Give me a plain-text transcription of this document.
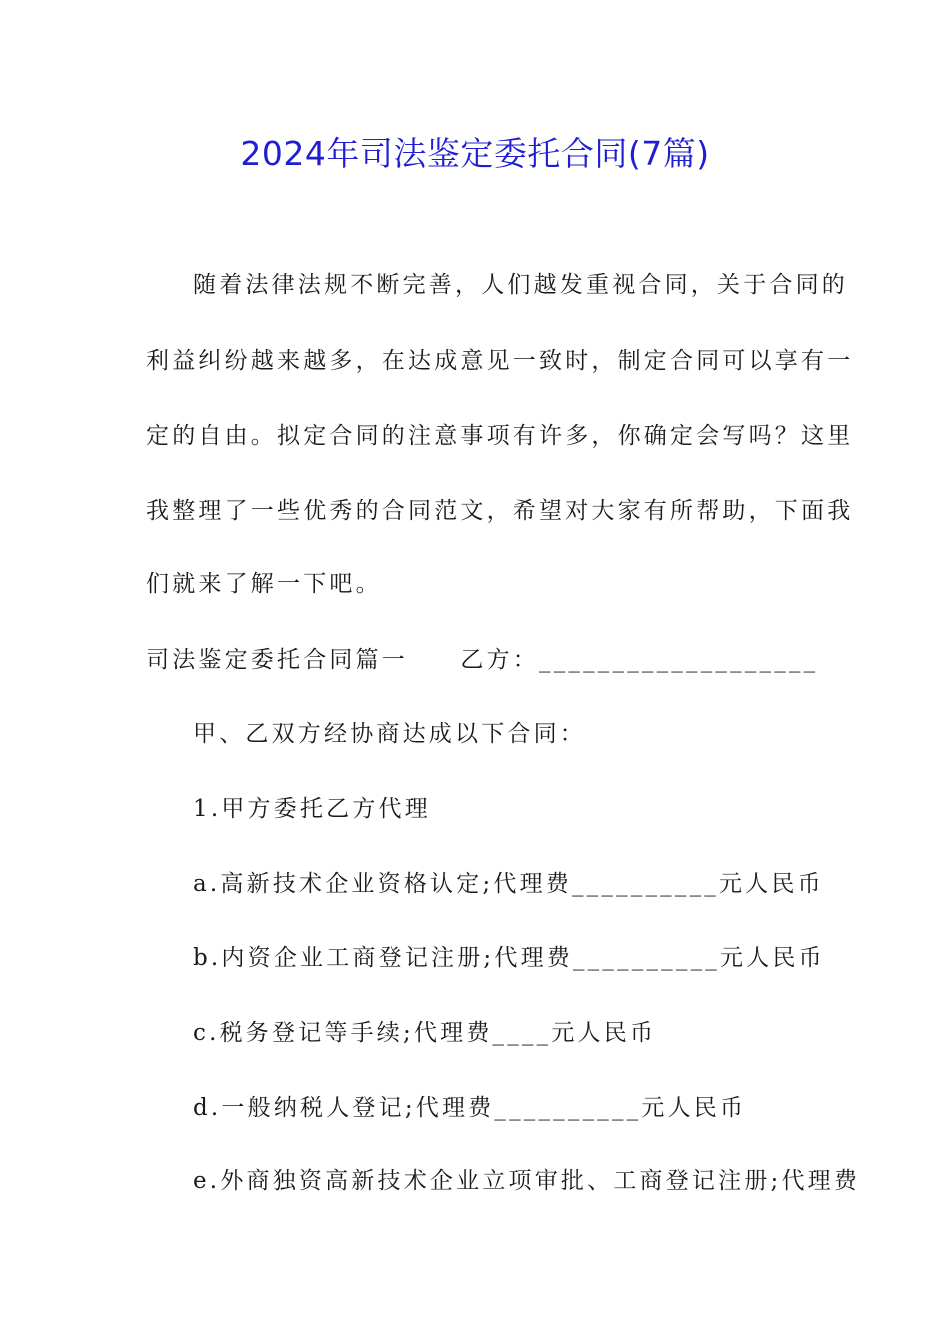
2024年司法鉴定委托合同(7篇)
随着法律法规不断完善，人们越发重视合同，关于合同的
利益纠纷越来越多，在达成意见一致时，制定合同可以享有一
定的自由。拟定合同的注意事项有许多，你确定会写吗？这里
我整理了一些优秀的合同范文，希望对大家有所帮助，下面我
们就来了解一下吧。
司法鉴定委托合同篇一　　乙方：___________________
甲、乙双方经协商达成以下合同：
1.甲方委托乙方代理
a.高新技术企业资格认定;代理费__________元人民币
b.内资企业工商登记注册;代理费__________元人民币
c.税务登记等手续;代理费____元人民币
d.一般纳税人登记;代理费__________元人民币
e.外商独资高新技术企业立项审批、工商登记注册;代理费
